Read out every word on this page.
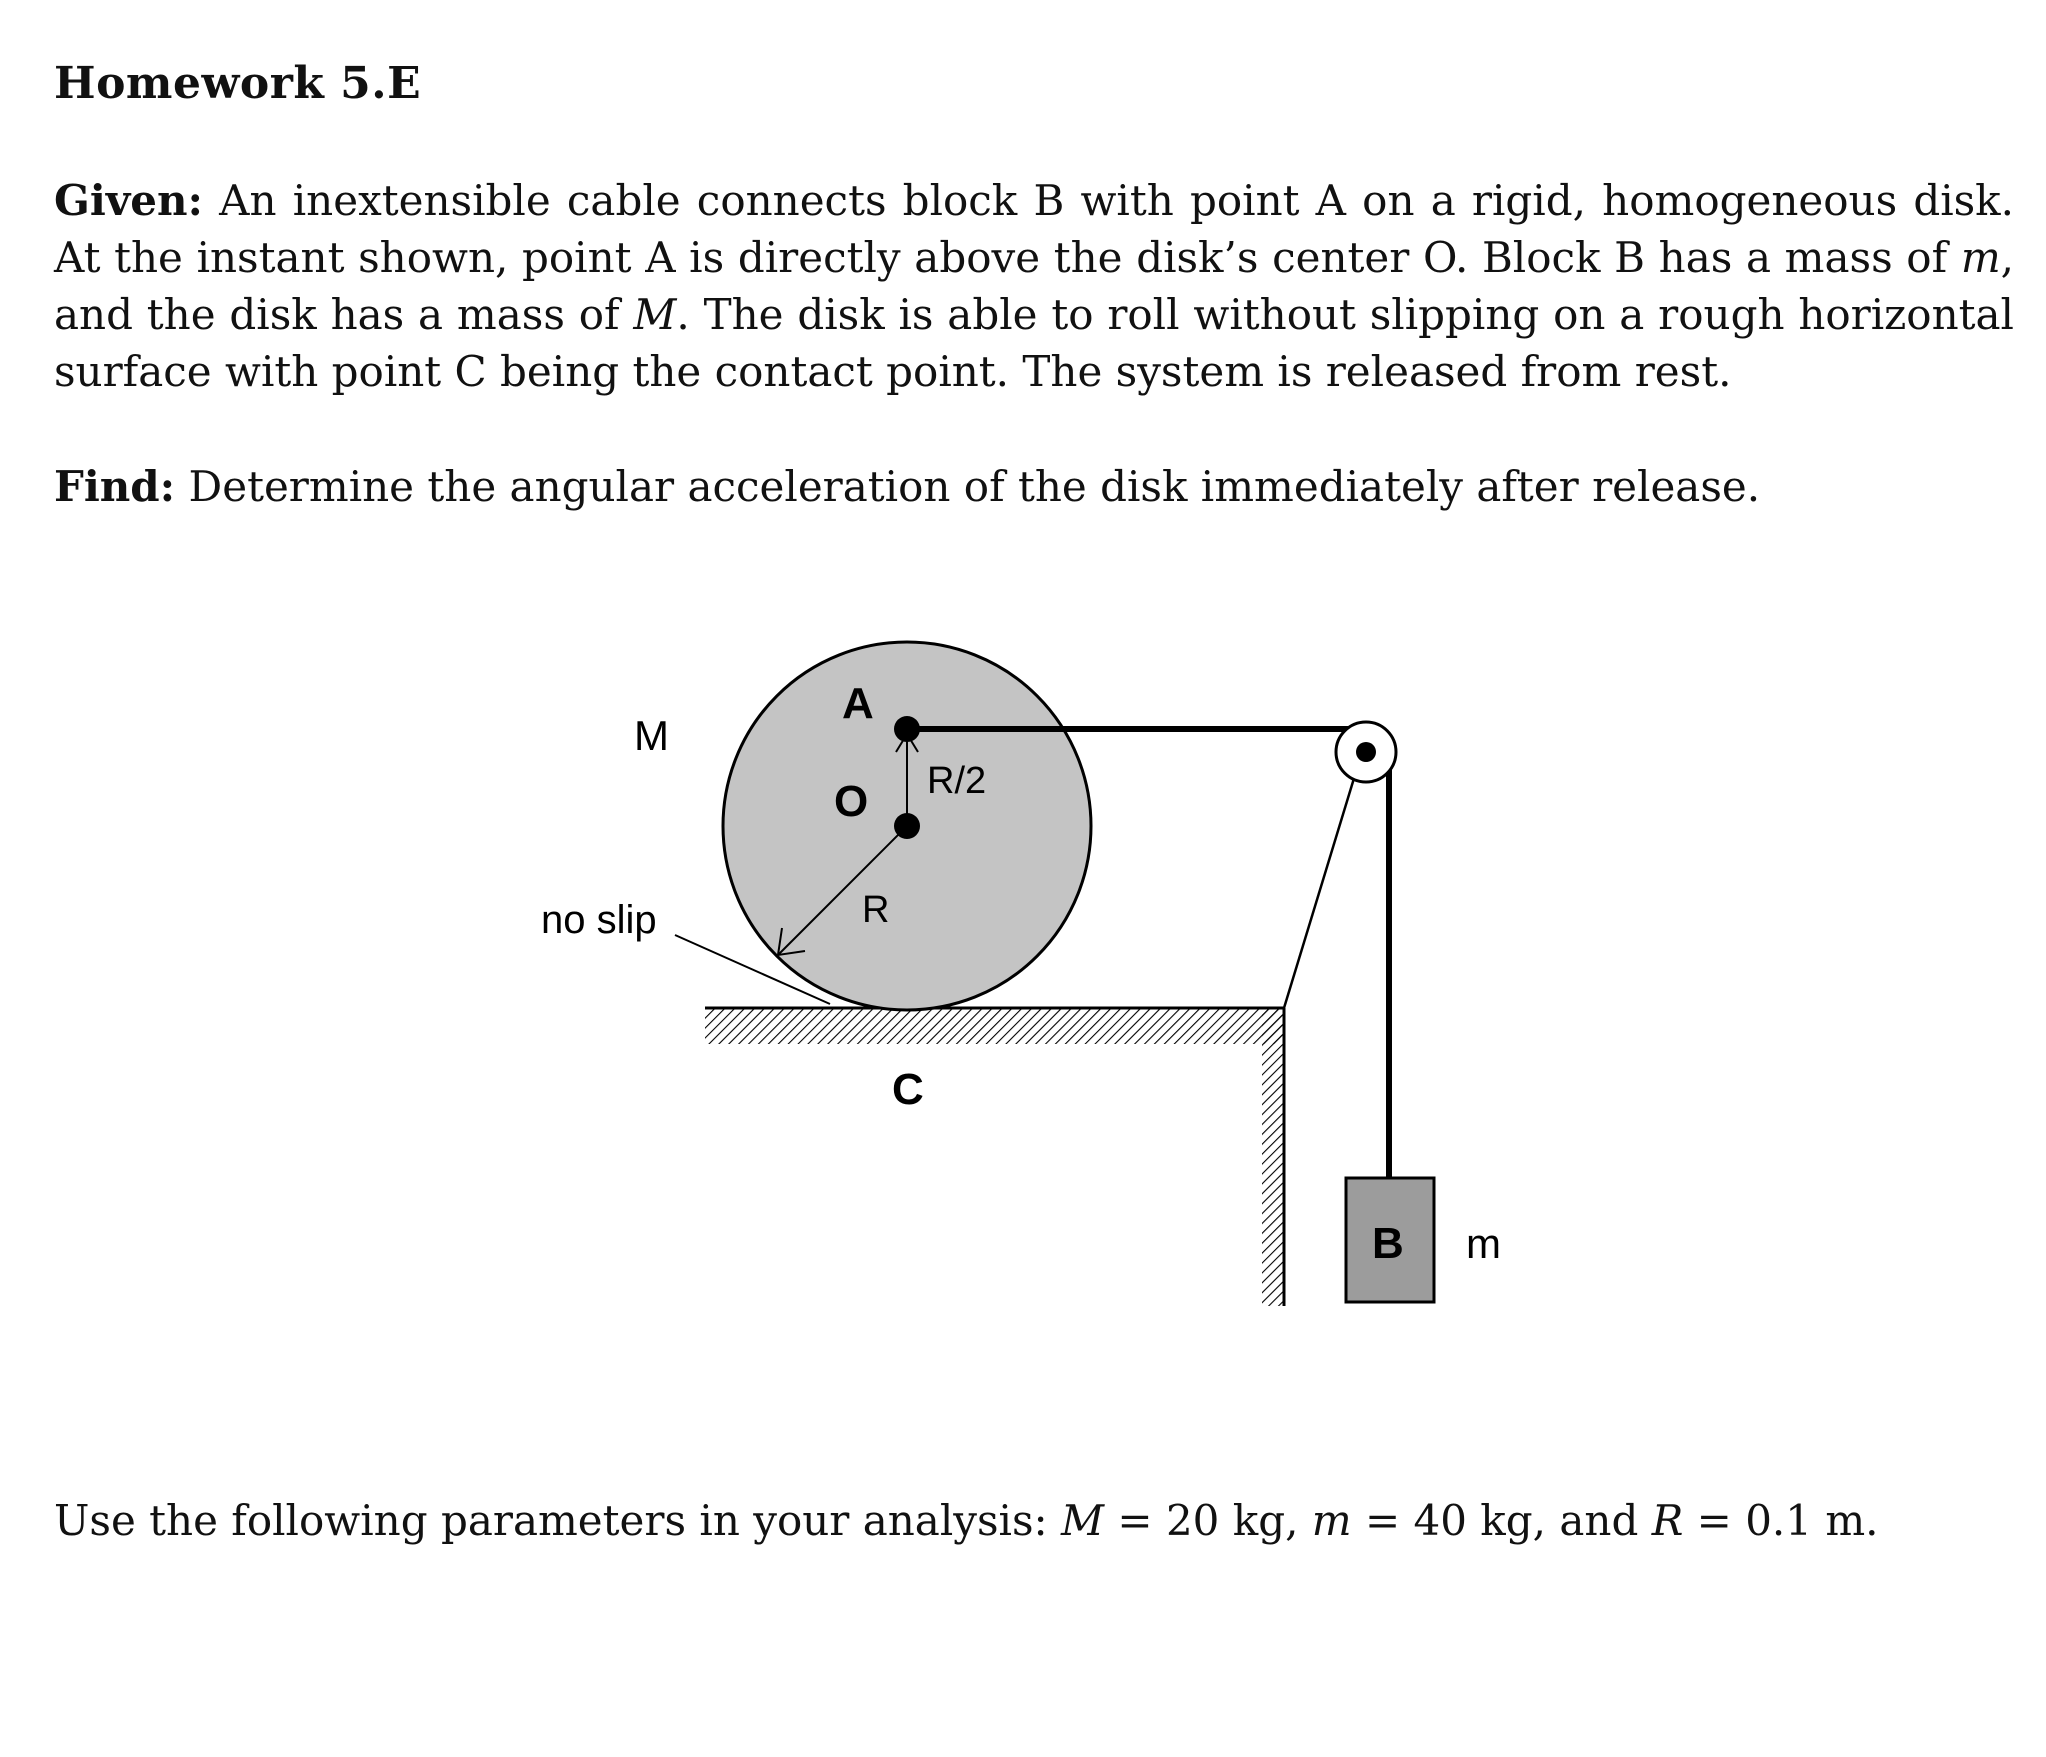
Homework 5.E
Given: An inextensible cable connects block B with point A on a rigid, homogeneous disk. At the instant shown, point A is directly above the disk’s center O. Block B has a mass of m, and the disk has a mass of M. The disk is able to roll without slipping on a rough horizontal surface with point C being the contact point. The system is released from rest.
Find: Determine the angular acceleration of the disk immediately after release.
M
A
O R/2
R
no slip
C
B m
Use the following parameters in your analysis: M = 20 kg, m = 40 kg, and R = 0.1 m.
